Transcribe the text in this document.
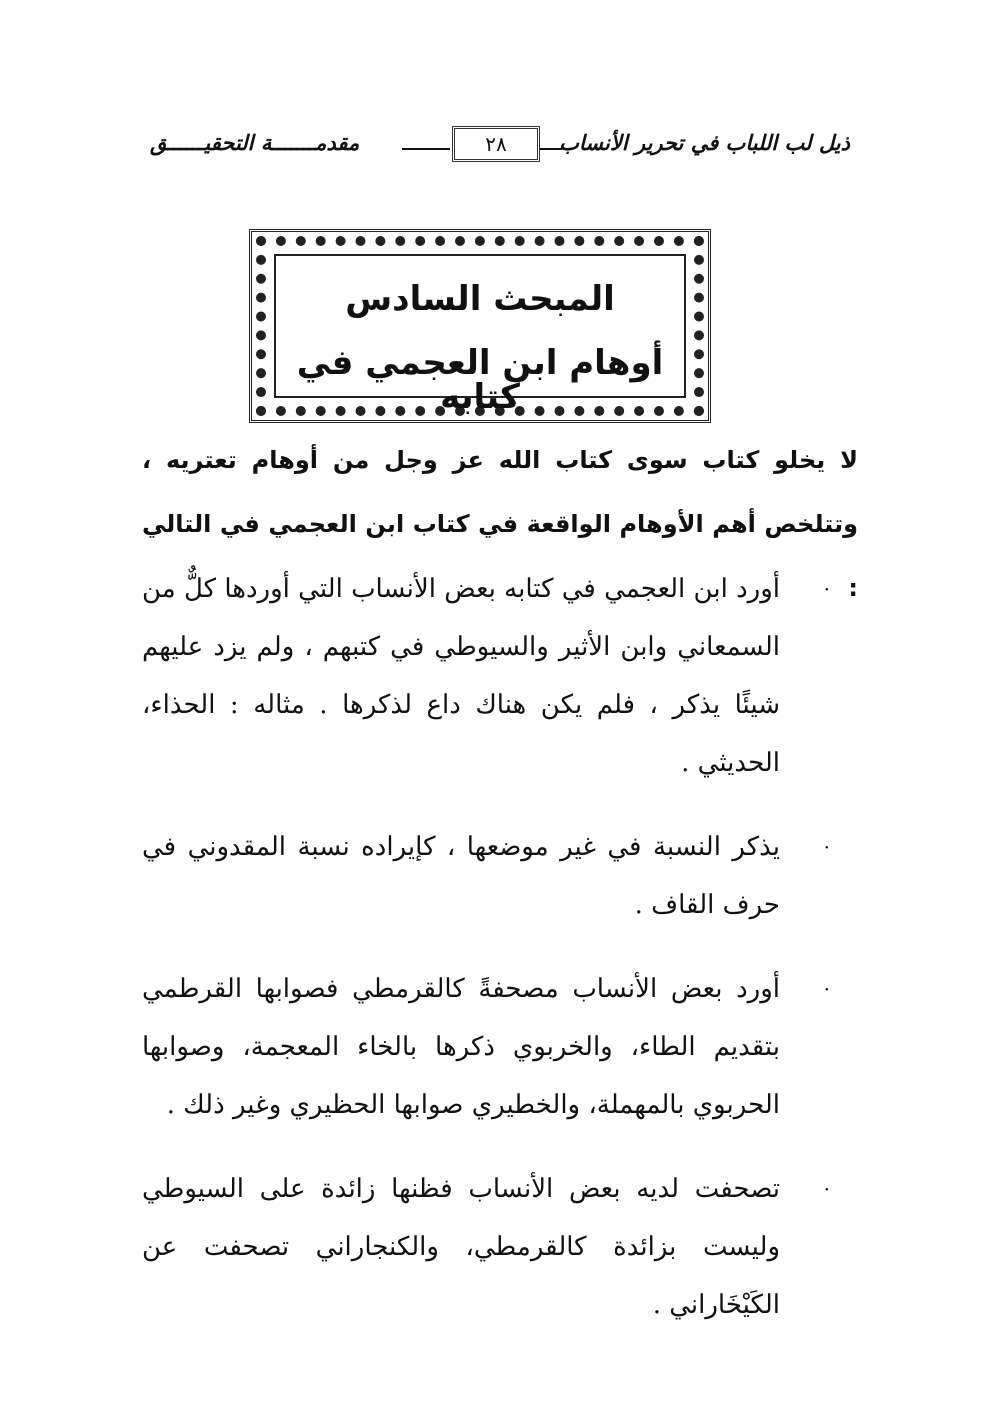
ذيل لب اللباب في تحرير الأنساب
٢٨
مقدمـــــــة التحقيــــــق
المبحث السادس
أوهام ابن العجمي في كتابه
لا يخلو كتاب سوى كتاب الله عز وجل من أوهام تعتريه ، وتتلخص أهم الأوهام الواقعة في كتاب ابن العجمي في التالي :
·
أورد ابن العجمي في كتابه بعض الأنساب التي أوردها كلٌّ من السمعاني وابن الأثير والسيوطي في كتبهم ، ولم يزد عليهم شيئًا يذكر ، فلم يكن هناك داع لذكرها . مثاله : الحذاء، الحديثي .
·
يذكر النسبة في غير موضعها ، كإيراده نسبة المقدوني في حرف القاف .
·
أورد بعض الأنساب مصحفةً كالقرمطي فصوابها القرطمي بتقديم الطاء، والخربوي ذكرها بالخاء المعجمة، وصوابها الحربوي بالمهملة، والخطيري صوابها الحظيري وغير ذلك .
·
تصحفت لديه بعض الأنساب فظنها زائدة على السيوطي وليست بزائدة كالقرمطي، والكنجاراني تصحفت عن الكَيْخَاراني .
